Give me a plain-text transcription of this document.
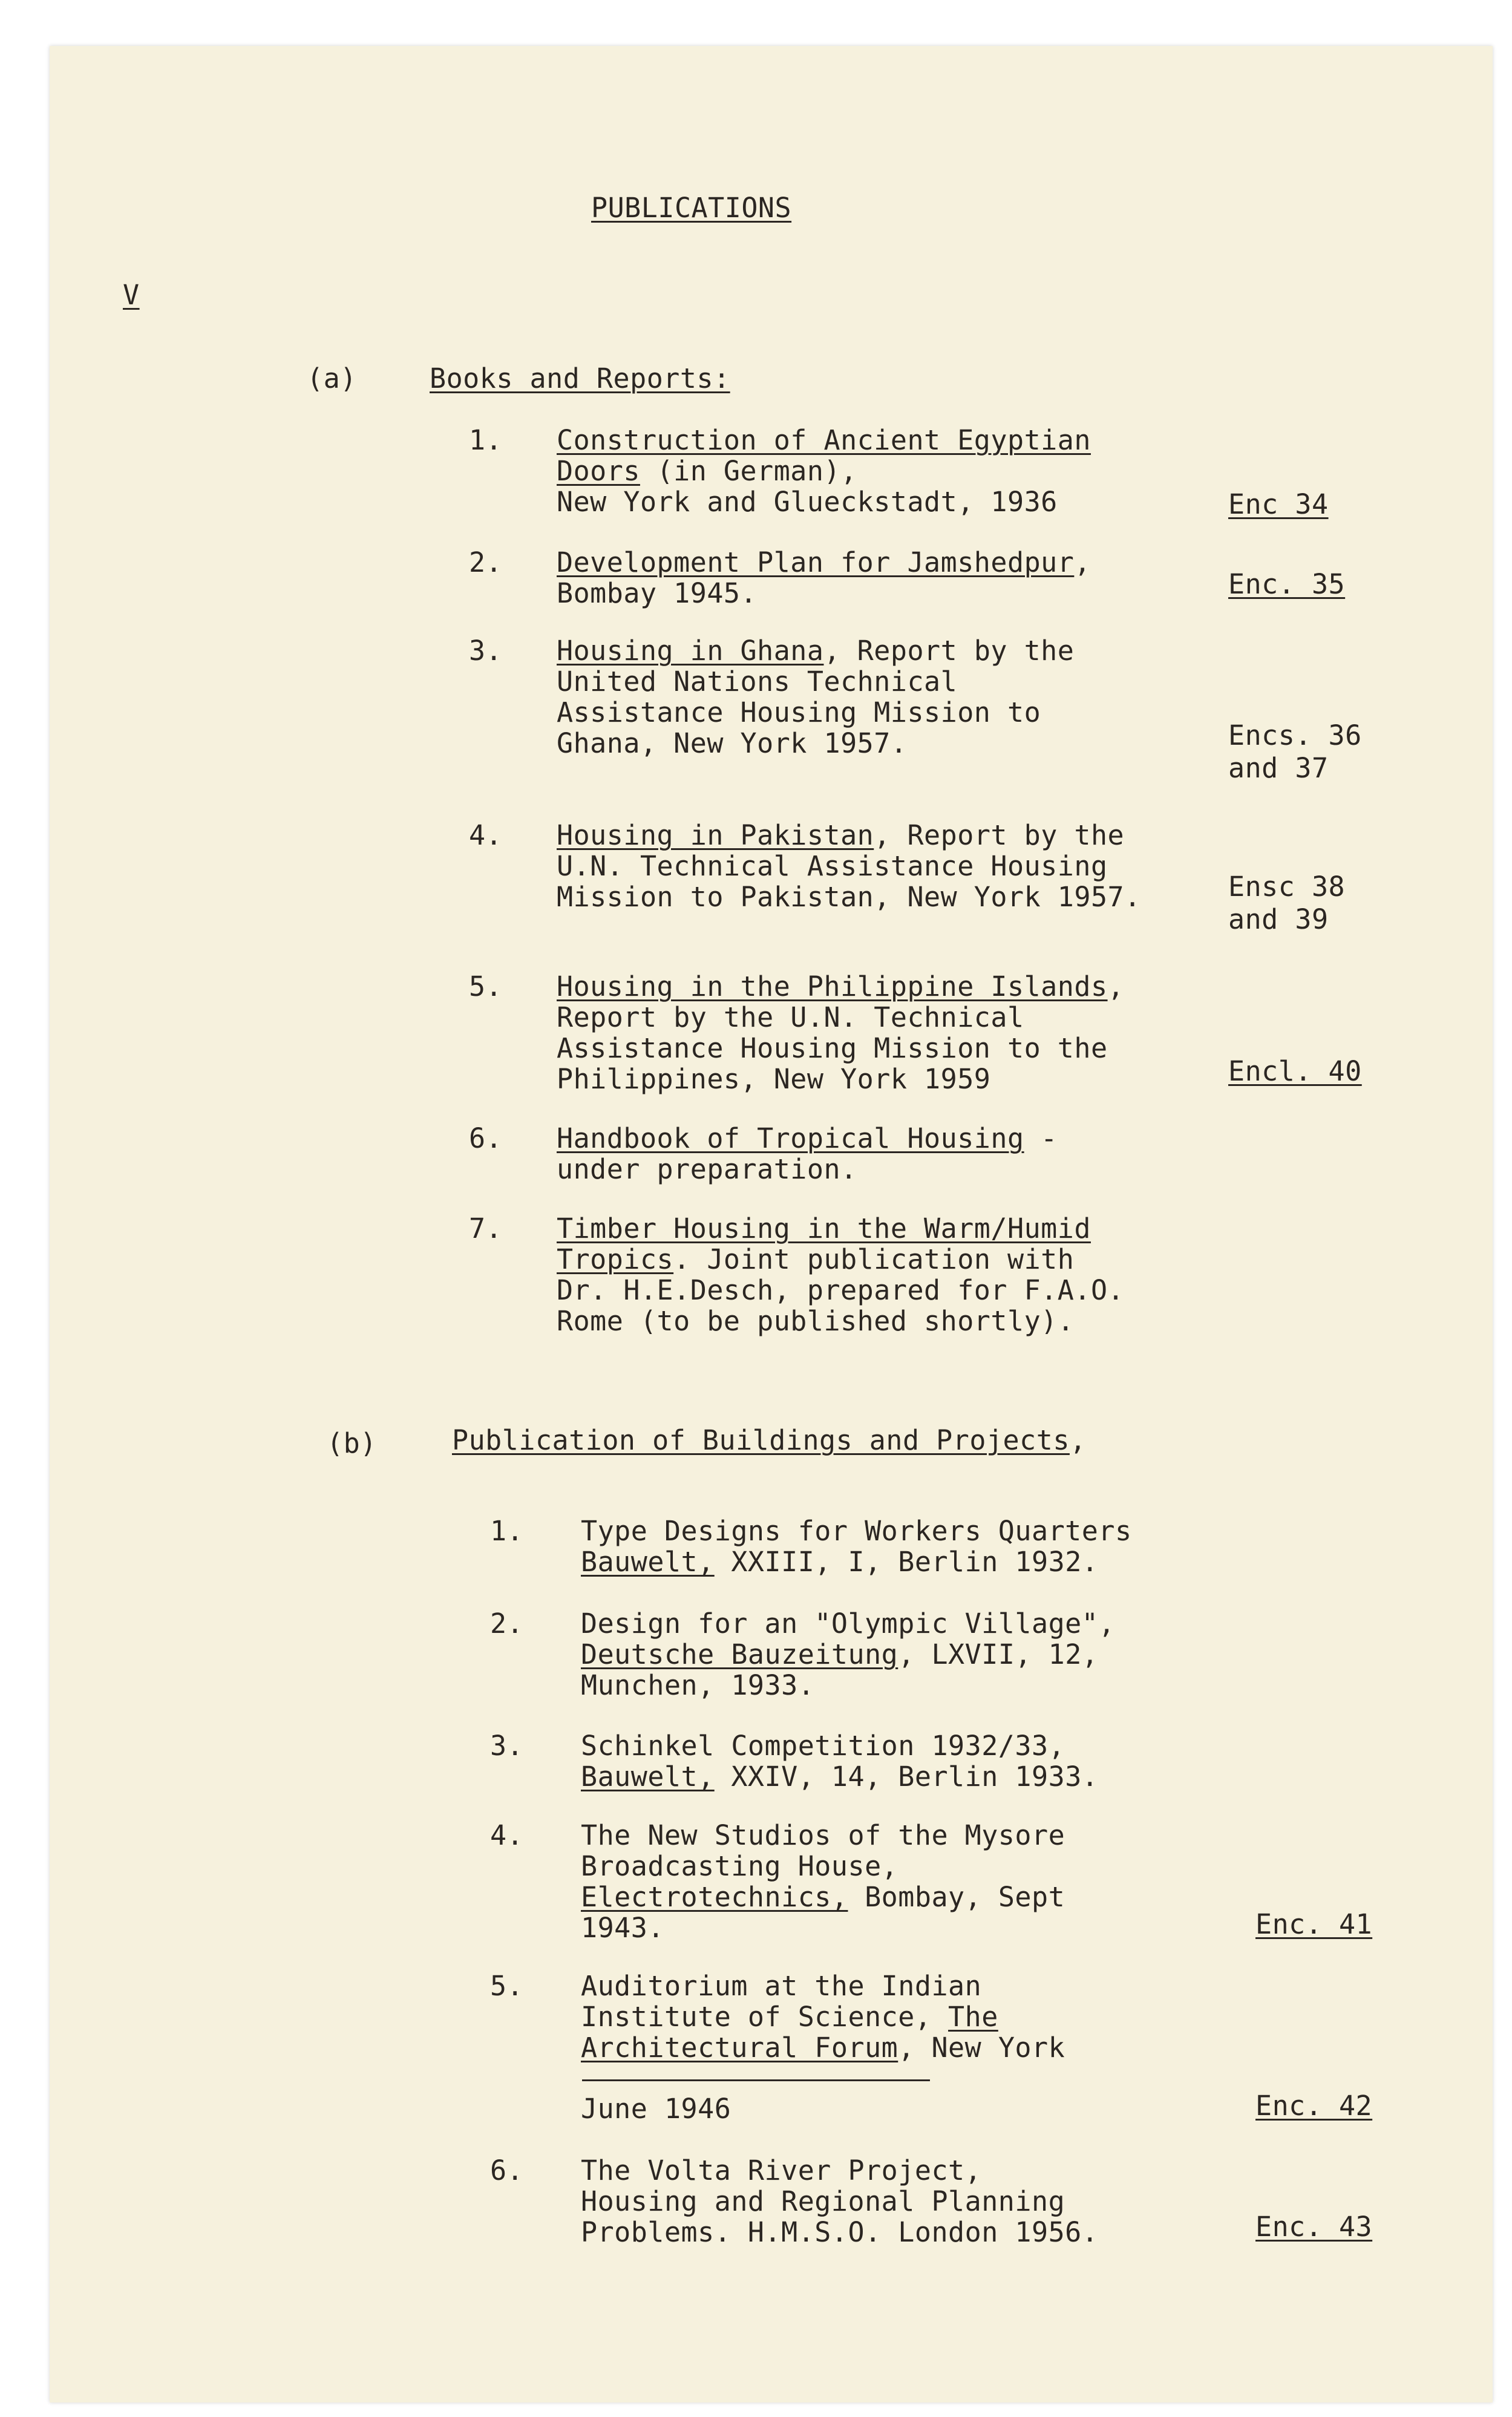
PUBLICATIONS
V
(a)	Books and Reports:
(b)	Publication of Buildings and Projects,
1. Construction of Ancient Egyptian
Doors (in German),
New York and Glueckstadt, 1936	Enc 34
2. Development Plan for Jamshedpur,
Bombay 1945.	Enc. 35
3. Housing in Ghana, Report by the
United Nations Technical
Assistance Housing Mission to
Ghana, New York 1957.	Encs. 36
and 37
4. Housing in Pakistan, Report by the
U.N. Technical Assistance Housing
Mission to Pakistan, New York 1957.	Ensc 38
and 39
5. Housing in the Philippine Islands,
Report by the U.N. Technical
Assistance Housing Mission to the
Philippines, New York 1959	Encl. 40
6. Handbook of Tropical Housing -
under preparation.
7. Timber Housing in the Warm/Humid
Tropics. Joint publication with
Dr. H.E.Desch, prepared for F.A.O.
Rome (to be published shortly).
1. Type Designs for Workers Quarters
Bauwelt, XXIII, I, Berlin 1932.
2. Design for an "Olympic Village",
Deutsche Bauzeitung, LXVII, 12,
Munchen, 1933.
3. Schinkel Competition 1932/33,
Bauwelt, XXIV, 14, Berlin 1933.
4. The New Studios of the Mysore
Broadcasting House,
Electrotechnics, Bombay, Sept
1943.	Enc. 41
5. Auditorium at the Indian
Institute of Science, The
Architectural Forum, New York
June 1946	Enc. 42
6. The Volta River Project,
Housing and Regional Planning
Problems. H.M.S.O. London 1956.	Enc. 43
